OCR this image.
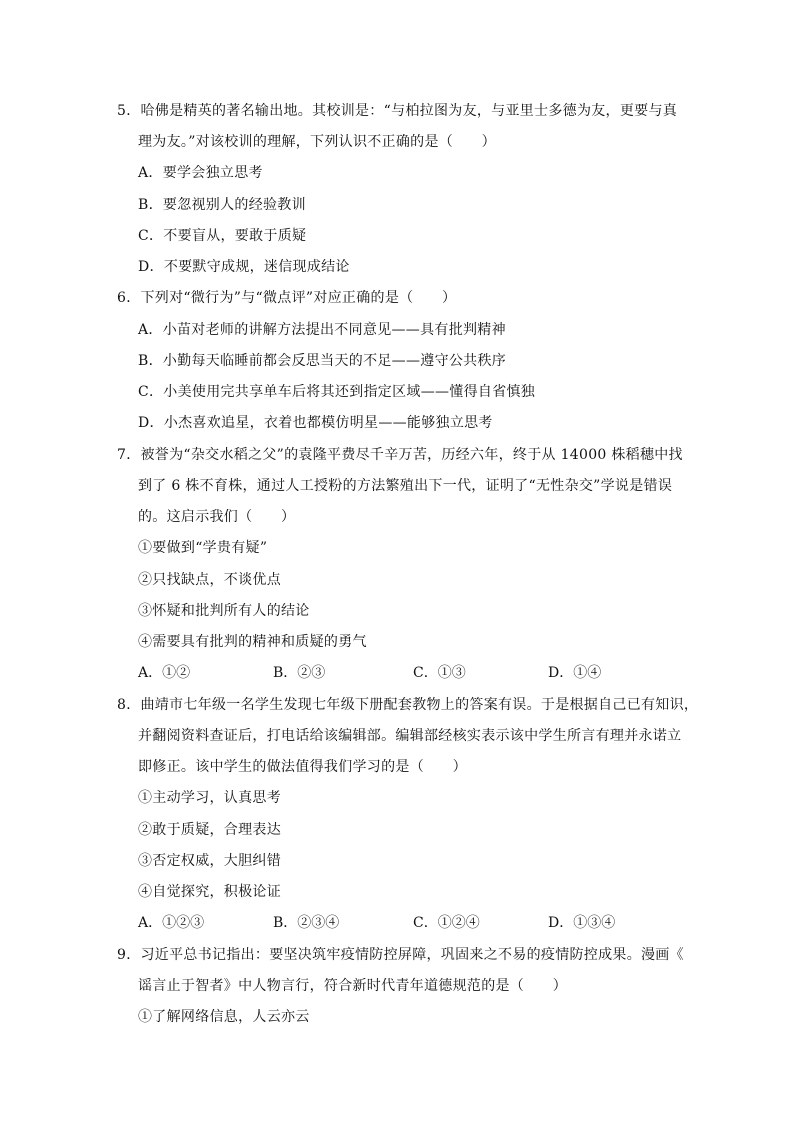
5．哈佛是精英的著名输出地。其校训是：“与柏拉图为友，与亚里士多德为友，更要与真
理为友。”对该校训的理解，下列认识不正确的是（　　）
A．要学会独立思考
B．要忽视别人的经验教训
C．不要盲从，要敢于质疑
D．不要默守成规，迷信现成结论
6．下列对“微行为”与“微点评”对应正确的是（　　）
A．小苗对老师的讲解方法提出不同意见——具有批判精神
B．小勤每天临睡前都会反思当天的不足——遵守公共秩序
C．小美使用完共享单车后将其还到指定区域——懂得自省慎独
D．小杰喜欢追星，衣着也都模仿明星——能够独立思考
7．被誉为“杂交水稻之父”的袁隆平费尽千辛万苦，历经六年，终于从 14000 株稻穗中找
到了 6 株不育株，通过人工授粉的方法繁殖出下一代，证明了“无性杂交”学说是错误
的。这启示我们（　　）
①要做到“学贵有疑”
②只找缺点，不谈优点
③怀疑和批判所有人的结论
④需要具有批判的精神和质疑的勇气
A．①②	B．②③	C．①③	D．①④
8．曲靖市七年级一名学生发现七年级下册配套教物上的答案有误。于是根据自己已有知识，
并翻阅资料查证后，打电话给该编辑部。编辑部经核实表示该中学生所言有理并永诺立
即修正。该中学生的做法值得我们学习的是（　　）
①主动学习，认真思考
②敢于质疑，合理表达
③否定权威，大胆纠错
④自觉探究，积极论证
A．①②③	B．②③④	C．①②④	D．①③④
9．习近平总书记指出：要坚决筑牢疫情防控屏障，巩固来之不易的疫情防控成果。漫画《
谣言止于智者》中人物言行，符合新时代青年道德规范的是（　　）
①了解网络信息，人云亦云
